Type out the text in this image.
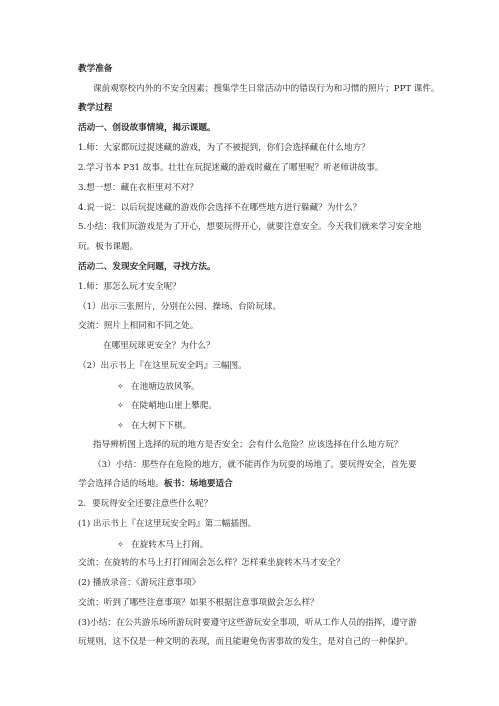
教学准备
课前观察校内外的不安全因素；搜集学生日常活动中的错误行为和习惯的照片；PPT 课件。
教学过程
活动一、创设故事情境，揭示课题。
1.师：大家都玩过捉迷藏的游戏，为了不被捉到，你们会选择藏在什么地方？
2.学习书本 P31 故事。壮壮在玩捉迷藏的游戏时藏在了哪里呢？听老师讲故事。
3.想一想：藏在衣柜里对不对？
4.说一说：以后玩捉迷藏的游戏你会选择不在哪些地方进行躲藏？为什么？
5.小结：我们玩游戏是为了开心，想要玩得开心，就要注意安全。今天我们就来学习安全地
玩。板书课题。
活动二、发现安全问题，寻找方法。
1.师：那怎么玩才安全呢？
（1）出示三张照片，分别在公园、操场、台阶玩球。
交流：照片上相同和不同之处。
在哪里玩球更安全？为什么？
（2）出示书上『在这里玩安全吗』三幅图。
✧ 在池塘边放风筝。
✧ 在陡峭地山崖上攀爬。
✧ 在大树下下棋。
指导辨析图上选择的玩的地方是否安全；会有什么危险？应该选择在什么地方玩？
（3）小结：那些存在危险的地方，就不能再作为玩耍的场地了。要玩得安全，首先要
学会选择合适的场地。板书：场地要适合
2．要玩得安全还要注意些什么呢？
(1) 出示书上『在这里玩安全吗』第二幅插图。
✧ 在旋转木马上打闹。
交流：在旋转的木马上打打闹闹会怎么样？怎样乘坐旋转木马才安全？
(2) 播放录音：《游玩注意事项》
交流：听到了哪些注意事项？如果不根据注意事项做会怎么样？
(3)小结：在公共游乐场所游玩时要遵守这些游玩安全事项，听从工作人员的指挥，遵守游
玩规则，这不仅是一种文明的表现，而且能避免伤害事故的发生，是对自己的一种保护。
